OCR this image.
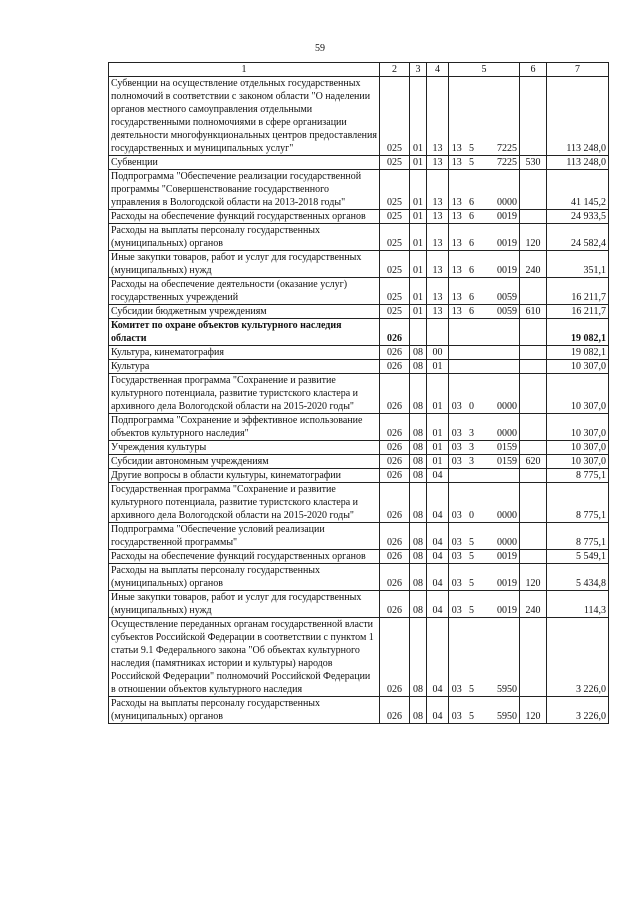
59
1	2	3	4	5			6	7
Субвенции на осуществление отдельных государственных полномочий в соответствии с законом области "О наделении органов местного самоуправления отдельными государственными полномочиями в сфере организации деятельности многофункциональных центров предоставления государственных и муниципальных услуг"	025	01	13	13	5	7225		113 248,0
Субвенции	025	01	13	13	5	7225	530	113 248,0
Подпрограмма "Обеспечение реализации государственной программы "Совершенствование государственного управления в Вологодской области на 2013-2018 годы"	025	01	13	13	6	0000		41 145,2
Расходы на обеспечение функций государственных органов	025	01	13	13	6	0019		24 933,5
Расходы на выплаты персоналу государственных (муниципальных) органов	025	01	13	13	6	0019	120	24 582,4
Иные закупки товаров, работ и услуг для государственных (муниципальных) нужд	025	01	13	13	6	0019	240	351,1
Расходы на обеспечение деятельности (оказание услуг) государственных учреждений	025	01	13	13	6	0059		16 211,7
Субсидии бюджетным учреждениям	025	01	13	13	6	0059	610	16 211,7
Комитет по охране объектов культурного наследия области	026							19 082,1
Культура, кинематография	026	08	00					19 082,1
Культура	026	08	01					10 307,0
Государственная программа "Сохранение и развитие культурного потенциала, развитие туристского кластера и архивного дела Вологодской области на 2015-2020 годы"	026	08	01	03	0	0000		10 307,0
Подпрограмма "Сохранение и эффективное использование объектов культурного наследия"	026	08	01	03	3	0000		10 307,0
Учреждения культуры	026	08	01	03	3	0159		10 307,0
Субсидии автономным учреждениям	026	08	01	03	3	0159	620	10 307,0
Другие вопросы в области культуры, кинематографии	026	08	04					8 775,1
Государственная программа "Сохранение и развитие культурного потенциала, развитие туристского кластера и архивного дела Вологодской области на 2015-2020 годы"	026	08	04	03	0	0000		8 775,1
Подпрограмма "Обеспечение условий реализации государственной программы"	026	08	04	03	5	0000		8 775,1
Расходы на обеспечение функций государственных органов	026	08	04	03	5	0019		5 549,1
Расходы на выплаты персоналу государственных (муниципальных) органов	026	08	04	03	5	0019	120	5 434,8
Иные закупки товаров, работ и услуг для государственных (муниципальных) нужд	026	08	04	03	5	0019	240	114,3
Осуществление переданных органам государственной власти субъектов Российской Федерации в соответствии с пунктом 1 статьи 9.1 Федерального закона "Об объектах культурного наследия (памятниках истории и культуры) народов Российской Федерации" полномочий Российской Федерации в отношении объектов культурного наследия	026	08	04	03	5	5950		3 226,0
Расходы на выплаты персоналу государственных (муниципальных) органов	026	08	04	03	5	5950	120	3 226,0
